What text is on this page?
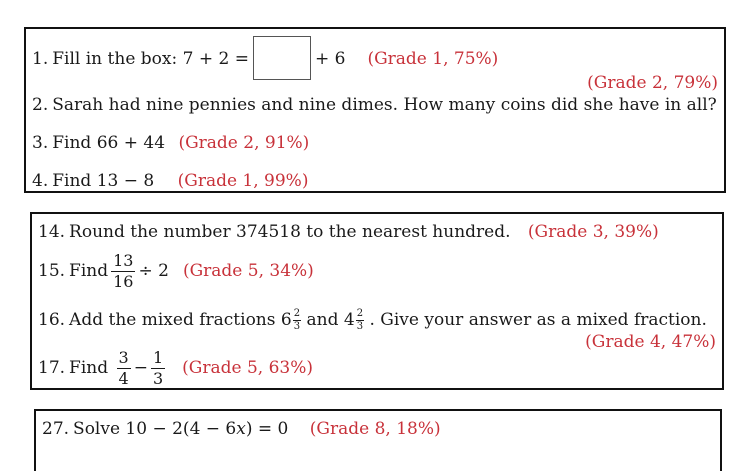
1. Fill in the box:
7 + 2 =	+ 6 (Grade 1, 75%)
(Grade 2, 79%)
2. Sarah had nine pennies and nine dimes. How many coins did she have in all?
3. Find 66 + 44 (Grade 2, 91%)
4. Find 13 − 8 (Grade 1, 99%)
14. Round the number 374518 to the nearest hundred. (Grade 3, 39%)
15. Find $\frac{13}{16} \div 2$ (Grade 5, 34%)
16. Add the mixed fractions
6 2
3
and
4 2
3
. Give your answer as a mixed fraction.
(Grade 4, 47%)
17. Find
$\frac{3}{4} - \frac{1}{3}$ (Grade 5, 63%)
27. Solve 10 − 2(4 − 6x) = 0 (Grade 8, 18%)
